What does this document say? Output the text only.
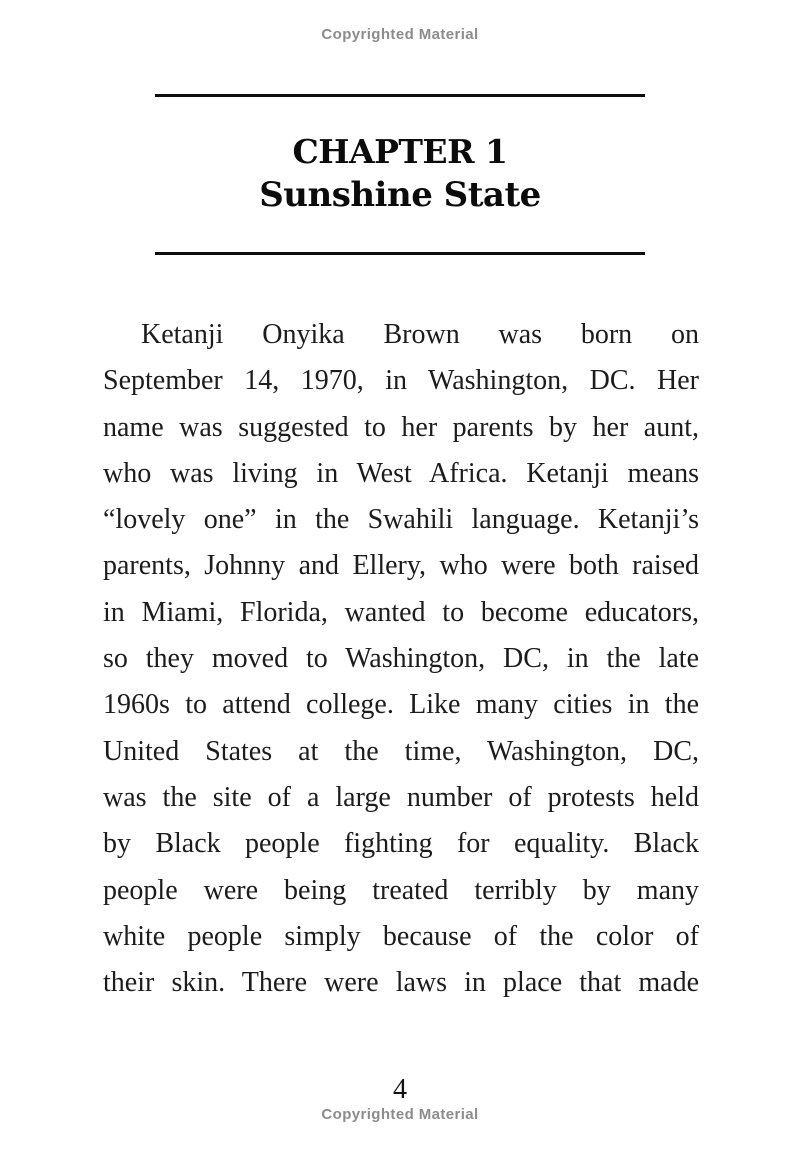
Copyrighted Material
CHAPTER 1
Sunshine State
Ketanji Onyika Brown was born on
September 14, 1970, in Washington, DC. Her
name was suggested to her parents by her aunt,
who was living in West Africa. Ketanji means
“lovely one” in the Swahili language. Ketanji’s
parents, Johnny and Ellery, who were both raised
in Miami, Florida, wanted to become educators,
so they moved to Washington, DC, in the late
1960s to attend college. Like many cities in the
United States at the time, Washington, DC,
was the site of a large number of protests held
by Black people fighting for equality. Black
people were being treated terribly by many
white people simply because of the color of
their skin. There were laws in place that made
4
Copyrighted Material
